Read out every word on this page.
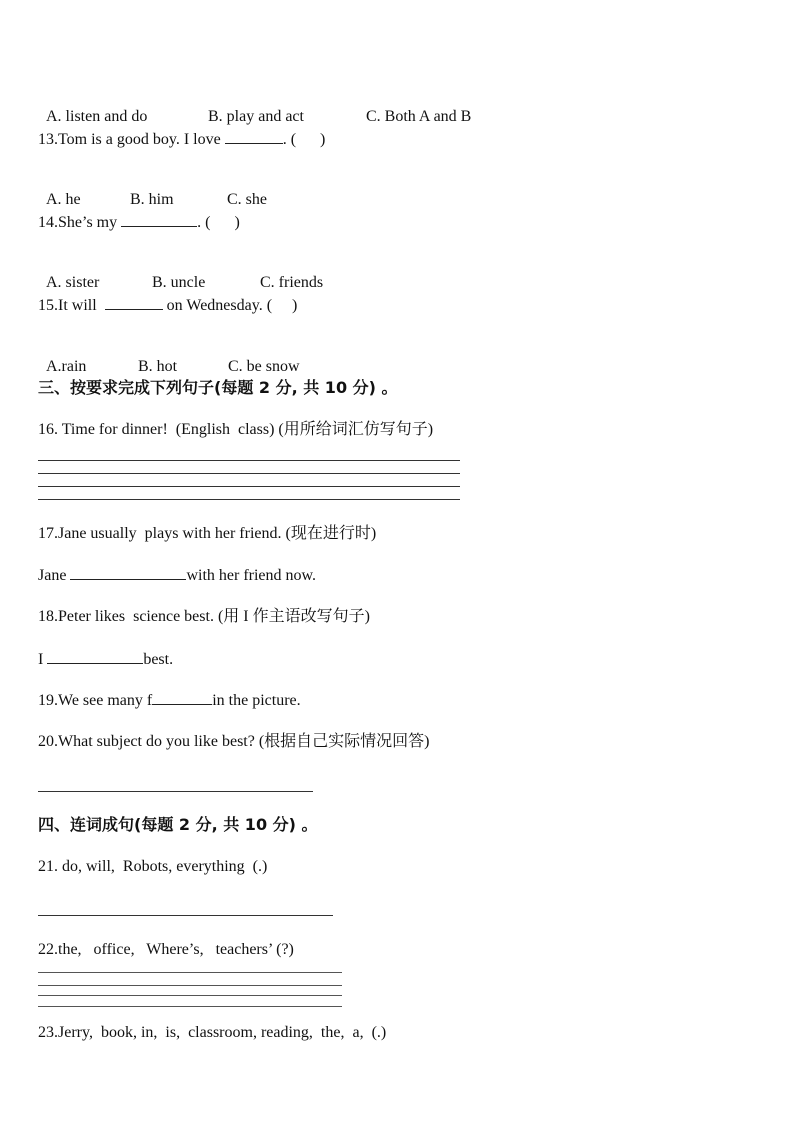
A. listen and do	B. play and act	C. Both A and B

13.Tom is a good boy. I love	. (      )

A. he	B. him	C. she

14.She’s my	. (      )

A. sister	B. uncle	C. friends

15.It will	on Wednesday. (     )

A.rain	B. hot	C. be snow

三、按要求完成下列句子(每题 2 分, 共 10 分) 。
16. Time for dinner!  (English  class) (用所给词汇仿写句子)
17.Jane usually  plays with her friend. (现在进行时)
Jane	with her friend now.
18.Peter likes  science best. (用 I 作主语改写句子)
I	best.
19.We see many f	in the picture.
20.What subject do you like best? (根据自己实际情况回答)
四、连词成句(每题 2 分, 共 10 分) 。
21. do, will,  Robots, everything  (.)
22.the,   office,   Where’s,   teachers’ (?)
23.Jerry,  book, in,  is,  classroom, reading,  the,  a,  (.)
